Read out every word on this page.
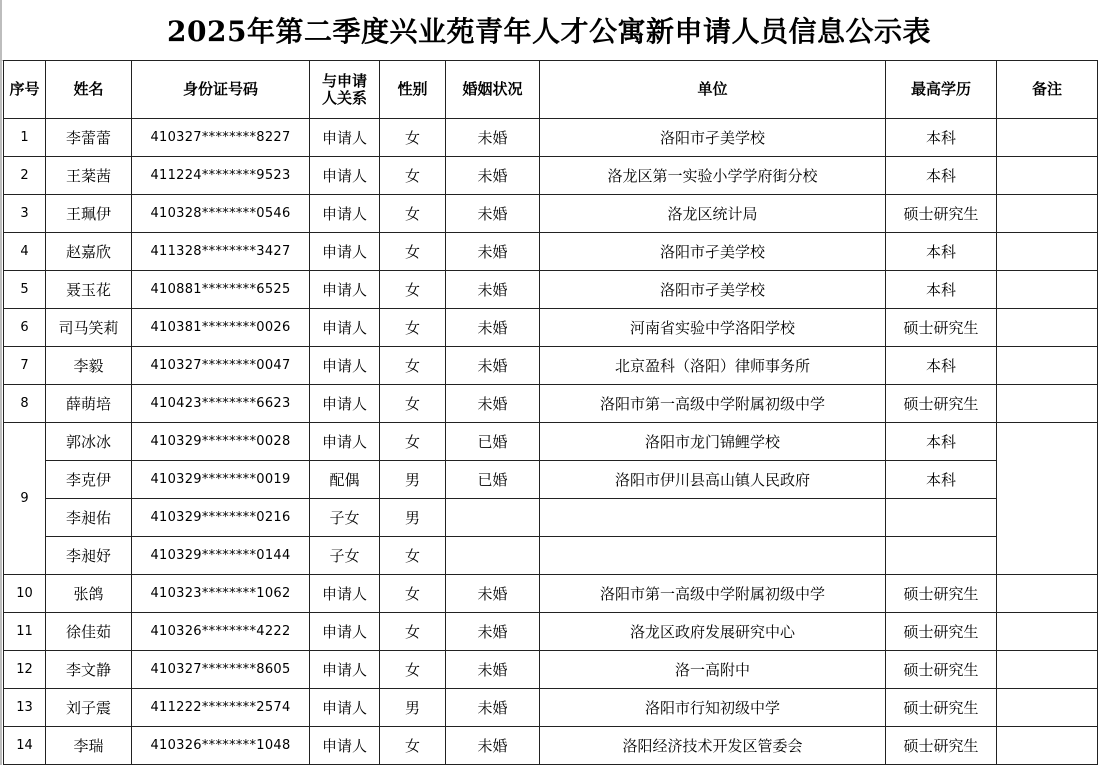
2025年第二季度兴业苑青年人才公寓新申请人员信息公示表
序号	姓名	身份证号码	与申请人关系	性别	婚姻状况	单位	最高学历	备注
1	李蕾蕾	410327********8227	申请人	女	未婚	洛阳市孑美学校	本科	
2	王棻茜	411224********9523	申请人	女	未婚	洛龙区第一实验小学学府街分校	本科	
3	王珮伊	410328********0546	申请人	女	未婚	洛龙区统计局	硕士研究生	
4	赵嘉欣	411328********3427	申请人	女	未婚	洛阳市孑美学校	本科	
5	聂玉花	410881********6525	申请人	女	未婚	洛阳市孑美学校	本科	
6	司马笑莉	410381********0026	申请人	女	未婚	河南省实验中学洛阳学校	硕士研究生	
7	李毅	410327********0047	申请人	女	未婚	北京盈科（洛阳）律师事务所	本科	
8	薛萌培	410423********6623	申请人	女	未婚	洛阳市第一高级中学附属初级中学	硕士研究生	
9	郭冰冰	410329********0028	申请人	女	已婚	洛阳市龙门锦鲤学校	本科	
	李克伊	410329********0019	配偶	男	已婚	洛阳市伊川县高山镇人民政府	本科	
	李昶佑	410329********0216	子女	男				
	李昶妤	410329********0144	子女	女				
10	张鸽	410323********1062	申请人	女	未婚	洛阳市第一高级中学附属初级中学	硕士研究生	
11	徐佳茹	410326********4222	申请人	女	未婚	洛龙区政府发展研究中心	硕士研究生	
12	李文静	410327********8605	申请人	女	未婚	洛一高附中	硕士研究生	
13	刘子震	411222********2574	申请人	男	未婚	洛阳市行知初级中学	硕士研究生	
14	李瑞	410326********1048	申请人	女	未婚	洛阳经济技术开发区管委会	硕士研究生	
